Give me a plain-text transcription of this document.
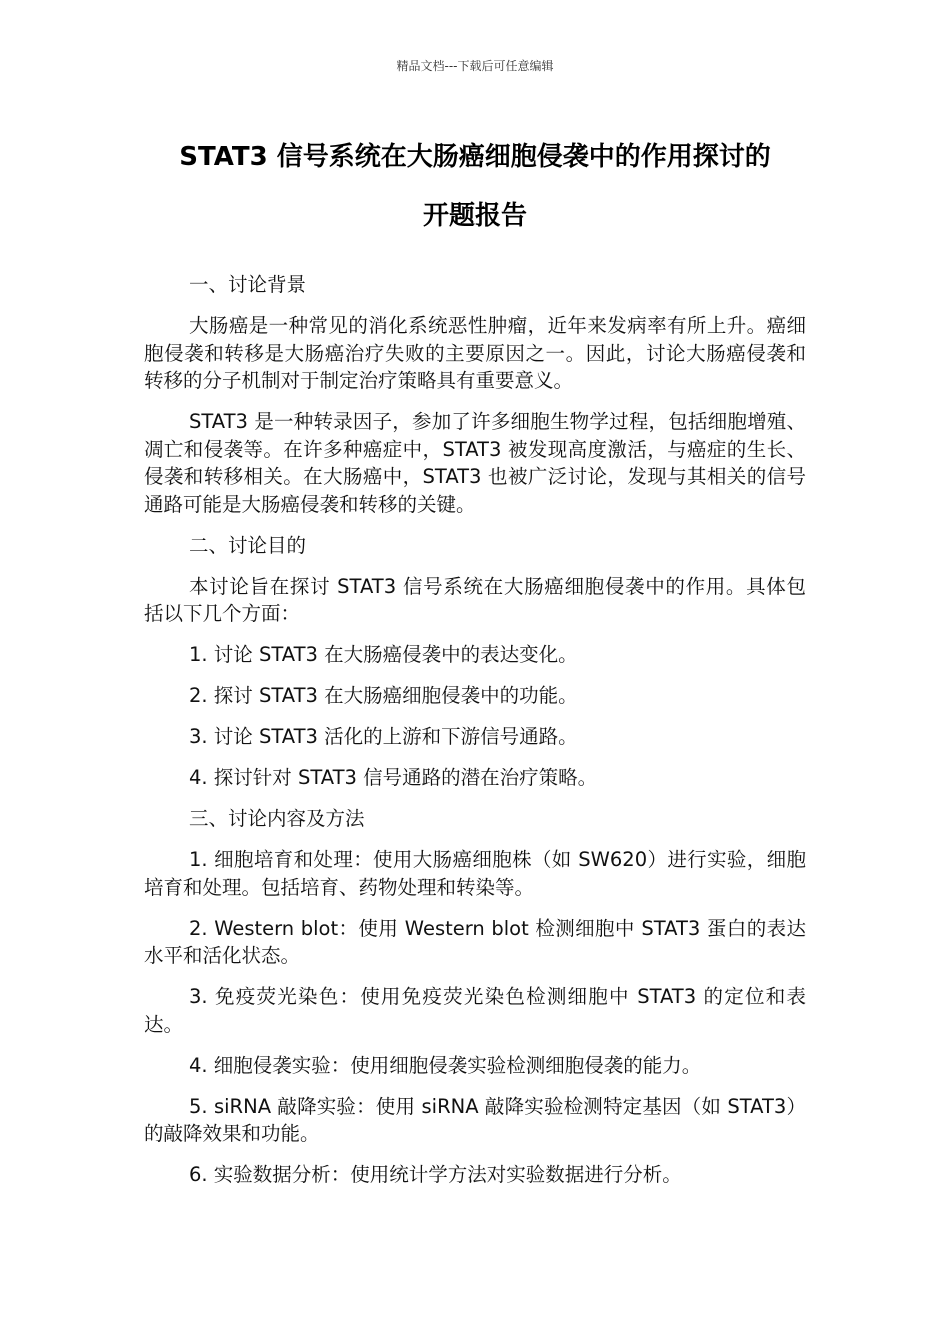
精品文档---下载后可任意编辑
STAT3 信号系统在大肠癌细胞侵袭中的作用探讨的
开题报告

一、讨论背景

大肠癌是一种常见的消化系统恶性肿瘤，近年来发病率有所上升。癌细胞侵袭和转移是大肠癌治疗失败的主要原因之一。因此，讨论大肠癌侵袭和转移的分子机制对于制定治疗策略具有重要意义。

STAT3 是一种转录因子，参加了许多细胞生物学过程，包括细胞增殖、凋亡和侵袭等。在许多种癌症中，STAT3 被发现高度激活，与癌症的生长、侵袭和转移相关。在大肠癌中，STAT3 也被广泛讨论，发现与其相关的信号通路可能是大肠癌侵袭和转移的关键。

二、讨论目的

本讨论旨在探讨 STAT3 信号系统在大肠癌细胞侵袭中的作用。具体包括以下几个方面：

1. 讨论 STAT3 在大肠癌侵袭中的表达变化。

2. 探讨 STAT3 在大肠癌细胞侵袭中的功能。

3. 讨论 STAT3 活化的上游和下游信号通路。

4. 探讨针对 STAT3 信号通路的潜在治疗策略。

三、讨论内容及方法

1. 细胞培育和处理：使用大肠癌细胞株（如 SW620）进行实验，细胞培育和处理。包括培育、药物处理和转染等。

2. Western blot：使用 Western blot 检测细胞中 STAT3 蛋白的表达水平和活化状态。

3. 免疫荧光染色：使用免疫荧光染色检测细胞中 STAT3 的定位和表达。

4. 细胞侵袭实验：使用细胞侵袭实验检测细胞侵袭的能力。

5. siRNA 敲降实验：使用 siRNA 敲降实验检测特定基因（如 STAT3）的敲降效果和功能。

6. 实验数据分析：使用统计学方法对实验数据进行分析。
